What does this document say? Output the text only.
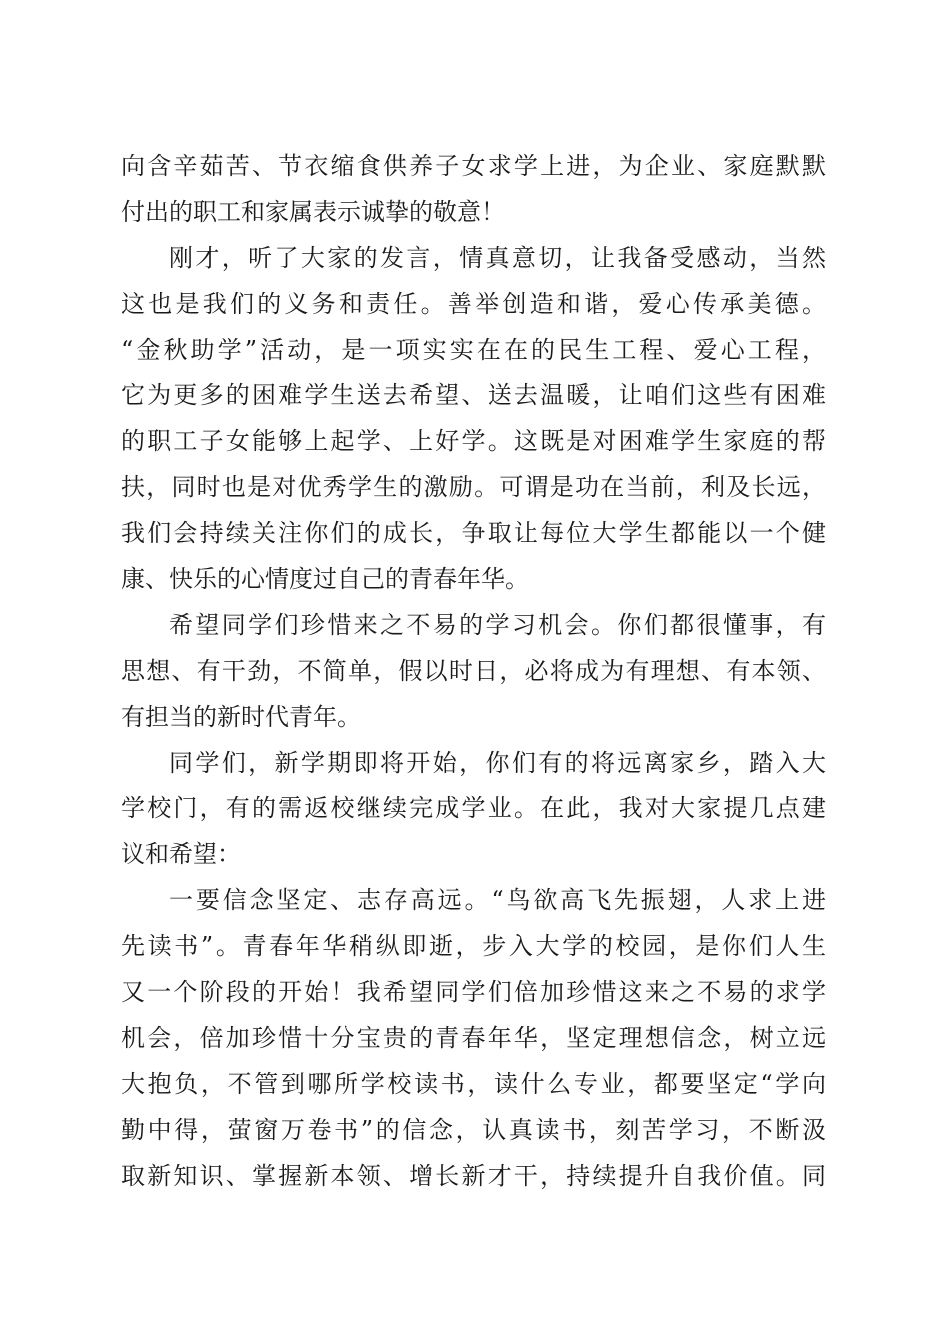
向含辛茹苦、节衣缩食供养子女求学上进，为企业、家庭默默
付出的职工和家属表示诚挚的敬意！
刚才，听了大家的发言，情真意切，让我备受感动，当然
这也是我们的义务和责任。善举创造和谐，爱心传承美德。
“金秋助学”活动，是一项实实在在的民生工程、爱心工程，
它为更多的困难学生送去希望、送去温暖，让咱们这些有困难
的职工子女能够上起学、上好学。这既是对困难学生家庭的帮
扶，同时也是对优秀学生的激励。可谓是功在当前，利及长远，
我们会持续关注你们的成长，争取让每位大学生都能以一个健
康、快乐的心情度过自己的青春年华。
希望同学们珍惜来之不易的学习机会。你们都很懂事，有
思想、有干劲，不简单，假以时日，必将成为有理想、有本领、
有担当的新时代青年。
同学们，新学期即将开始，你们有的将远离家乡，踏入大
学校门，有的需返校继续完成学业。在此，我对大家提几点建
议和希望：
一要信念坚定、志存高远。“鸟欲高飞先振翅，人求上进
先读书”。青春年华稍纵即逝，步入大学的校园，是你们人生
又一个阶段的开始！我希望同学们倍加珍惜这来之不易的求学
机会，倍加珍惜十分宝贵的青春年华，坚定理想信念，树立远
大抱负，不管到哪所学校读书，读什么专业，都要坚定“学向
勤中得，萤窗万卷书”的信念，认真读书，刻苦学习，不断汲
取新知识、掌握新本领、增长新才干，持续提升自我价值。同
